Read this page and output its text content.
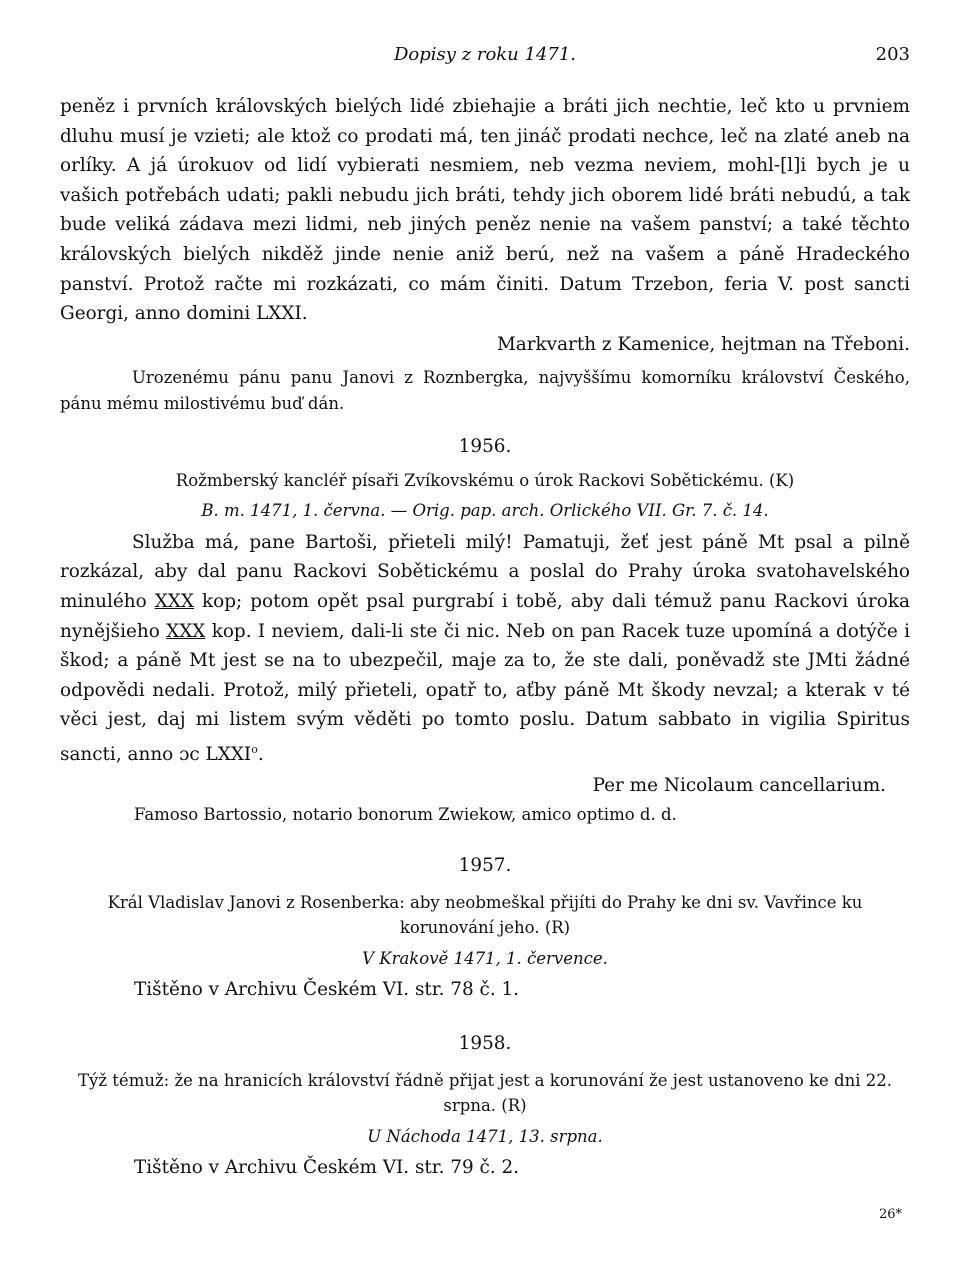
Dopisy z roku 1471.	203

peněz i prvních královských bielých lidé zbiehajie a bráti jich nechtie, leč kto u prvniem dluhu musí je vzieti; ale ktož co prodati má, ten jináč prodati nechce, leč na zlaté aneb na orlíky. A já úrokuov od lidí vybierati nesmiem, neb vezma neviem, mohl-[l]i bych je u vašich potřebách udati; pakli nebudu jich bráti, tehdy jich oborem lidé bráti nebudú, a tak bude veliká zádava mezi lidmi, neb jiných peněz nenie na vašem panství; a také těchto královských bielých nikděž jinde nenie aniž berú, než na vašem a páně Hradeckého panství. Protož račte mi rozkázati, co mám činiti. Datum Trzebon, feria V. post sancti Georgi, anno domini LXXI.

Markvarth z Kamenice, hejtman na Třeboni.

Urozenému pánu panu Janovi z Roznbergka, najvyššímu komorníku království Českého, pánu mému milostivému buď dán.

1956.
Rožmberský kancléř písaři Zvíkovskému o úrok Rackovi Sobětickému. (K)
B. m. 1471, 1. června. — Orig. pap. arch. Orlického VII. Gr. 7. č. 14.

Služba má, pane Bartoši, přieteli milý! Pamatuji, žeť jest páně Mt psal a pilně rozkázal, aby dal panu Rackovi Sobětickému a poslal do Prahy úroka svatohavelského minulého XXX kop; potom opět psal purgrabí i tobě, aby dali témuž panu Rackovi úroka nynějšieho XXX kop. I neviem, dali-li ste či nic. Neb on pan Racek tuze upomíná a dotýče i škod; a páně Mt jest se na to ubezpečil, maje za to, že ste dali, poněvadž ste JMti žádné odpovědi nedali. Protož, milý přieteli, opatř to, aťby páně Mt škody nevzal; a kterak v té věci jest, daj mi listem svým věděti po tomto poslu. Datum sabbato in vigilia Spiritus sancti, anno ɔc LXXI$^o$.

Per me Nicolaum cancellarium.

Famoso Bartossio, notario bonorum Zwiekow, amico optimo d. d.

1957.
Král Vladislav Janovi z Rosenberka: aby neobmeškal přijíti do Prahy ke dni sv. Vavřince ku korunování jeho. (R)
V Krakově 1471, 1. července.
Tištěno v Archivu Českém VI. str. 78 č. 1.
1958.
Týž témuž: že na hranicích království řádně přijat jest a korunování že jest ustanoveno ke dni 22. srpna. (R)
U Náchoda 1471, 13. srpna.
Tištěno v Archivu Českém VI. str. 79 č. 2.
26*
